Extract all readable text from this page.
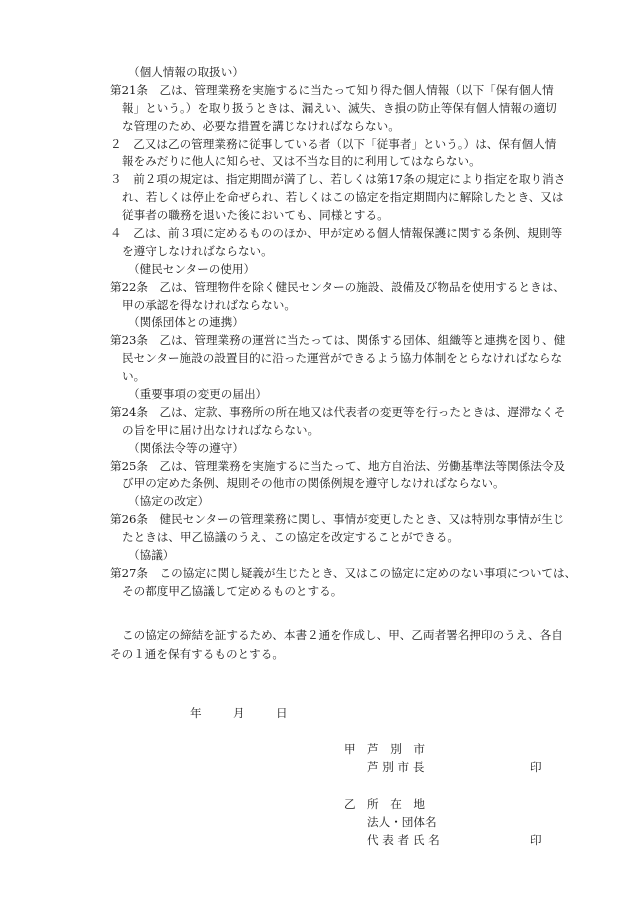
（個人情報の取扱い）
第21条　乙は、管理業務を実施するに当たって知り得た個人情報（以下「保有個人情
報」という。）を取り扱うときは、漏えい、滅失、き損の防止等保有個人情報の適切
な管理のため、必要な措置を講じなければならない。
２　乙又は乙の管理業務に従事している者（以下「従事者」という。）は、保有個人情
報をみだりに他人に知らせ、又は不当な目的に利用してはならない。
３　前２項の規定は、指定期間が満了し、若しくは第17条の規定により指定を取り消さ
れ、若しくは停止を命ぜられ、若しくはこの協定を指定期間内に解除したとき、又は
従事者の職務を退いた後においても、同様とする。
４　乙は、前３項に定めるもののほか、甲が定める個人情報保護に関する条例、規則等
を遵守しなければならない。
（健民センターの使用）
第22条　乙は、管理物件を除く健民センターの施設、設備及び物品を使用するときは、
甲の承認を得なければならない。
（関係団体との連携）
第23条　乙は、管理業務の運営に当たっては、関係する団体、組織等と連携を図り、健
民センター施設の設置目的に沿った運営ができるよう協力体制をとらなければならな
い。
（重要事項の変更の届出）
第24条　乙は、定款、事務所の所在地又は代表者の変更等を行ったときは、遅滞なくそ
の旨を甲に届け出なければならない。
（関係法令等の遵守）
第25条　乙は、管理業務を実施するに当たって、地方自治法、労働基準法等関係法令及
び甲の定めた条例、規則その他市の関係例規を遵守しなければならない。
（協定の改定）
第26条　健民センターの管理業務に関し、事情が変更したとき、又は特別な事情が生じ
たときは、甲乙協議のうえ、この協定を改定することができる。
（協議）
第27条　この協定に関し疑義が生じたとき、又はこの協定に定めのない事項については、
その都度甲乙協議して定めるものとする。
この協定の締結を証するため、本書２通を作成し、甲、乙両者署名押印のうえ、各自
その１通を保有するものとする。
年	月	日
甲 芦　別　市
芦 別 市 長	印
乙 所　在　地
法人・団体名
代 表 者 氏 名	印
